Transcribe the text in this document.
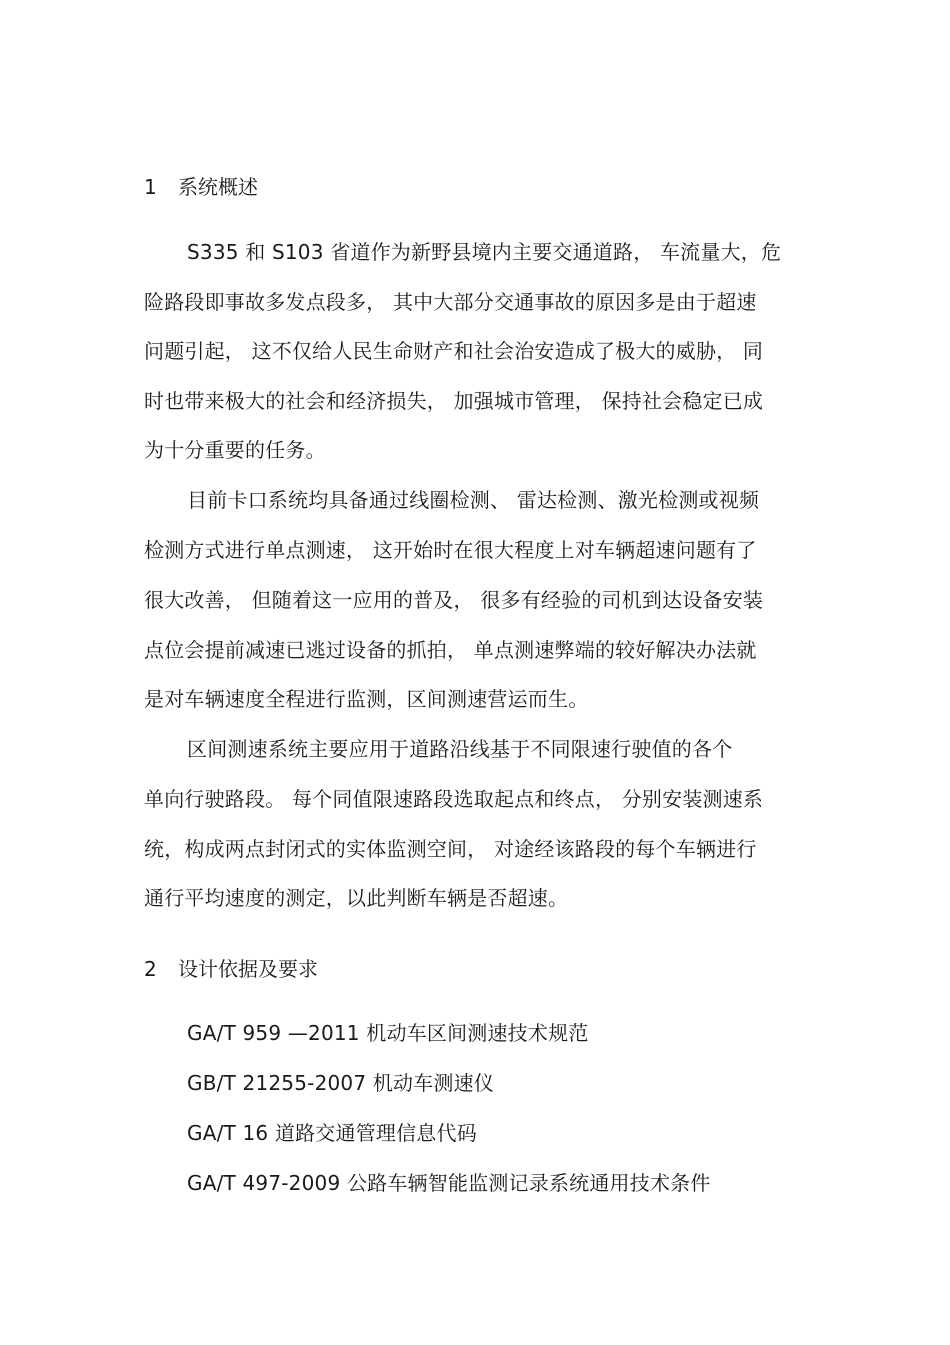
1 系统概述
S335 和 S103 省道作为新野县境内主要交通道路， 车流量大，危
险路段即事故多发点段多， 其中大部分交通事故的原因多是由于超速
问题引起， 这不仅给人民生命财产和社会治安造成了极大的威胁， 同
时也带来极大的社会和经济损失， 加强城市管理， 保持社会稳定已成
为十分重要的任务。
目前卡口系统均具备通过线圈检测、 雷达检测、激光检测或视频
检测方式进行单点测速， 这开始时在很大程度上对车辆超速问题有了
很大改善， 但随着这一应用的普及， 很多有经验的司机到达设备安装
点位会提前减速已逃过设备的抓拍， 单点测速弊端的较好解决办法就
是对车辆速度全程进行监测，区间测速营运而生。
区间测速系统主要应用于道路沿线基于不同限速行驶值的各个
单向行驶路段。 每个同值限速路段选取起点和终点， 分别安装测速系
统，构成两点封闭式的实体监测空间， 对途经该路段的每个车辆进行
通行平均速度的测定，以此判断车辆是否超速。
2 设计依据及要求
GA/T 959 —2011 机动车区间测速技术规范
GB/T 21255-2007 机动车测速仪
GA/T 16 道路交通管理信息代码
GA/T 497-2009 公路车辆智能监测记录系统通用技术条件
